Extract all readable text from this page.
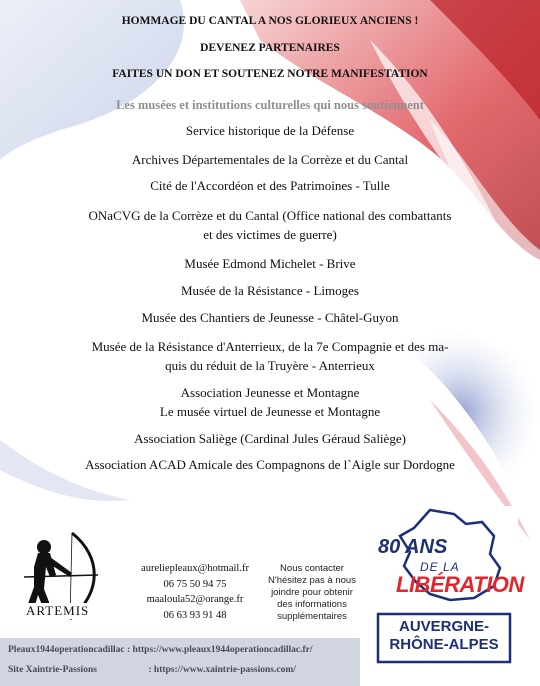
HOMMAGE DU CANTAL A NOS GLORIEUX ANCIENS !
DEVENEZ PARTENAIRES
FAITES UN DON ET SOUTENEZ NOTRE MANIFESTATION
Les musées et institutions culturelles qui nous soutiennent
Service historique de la Défense
Archives Départementales de la Corrèze et du Cantal
Cité de l'Accordéon et des Patrimoines - Tulle
ONaCVG de la Corrèze et du Cantal (Office national des combattants
et des victimes de guerre)
Musée Edmond Michelet - Brive
Musée de la Résistance - Limoges
Musée des Chantiers de Jeunesse - Châtel-Guyon
Musée de la Résistance d'Anterrieux, de la 7e Compagnie et des ma-
quis du réduit de la Truyère - Anterrieux
Association Jeunesse et Montagne
Le musée virtuel de Jeunesse et Montagne
Association Saliège (Cardinal Jules Géraud Saliège)
Association ACAD Amicale des Compagnons de l`Aigle sur Dordogne
ARTEMIS
aureliepleaux@hotmail.fr
06 75 50 94 75
maaloula52@orange.fr
06 63 93 91 48
Nous contacter
N'hésitez pas à nous
joindre pour obtenir
des informations
supplémentaires
80 ANS
DE LA
LIBÉRATION
AUVERGNE-
RHÔNE-ALPES
Pleaux1944operationcadillac : https://www.pleaux1944operationcadillac.fr/
Site Xaintrie-Passions	: https://www.xaintrie-passions.com/
